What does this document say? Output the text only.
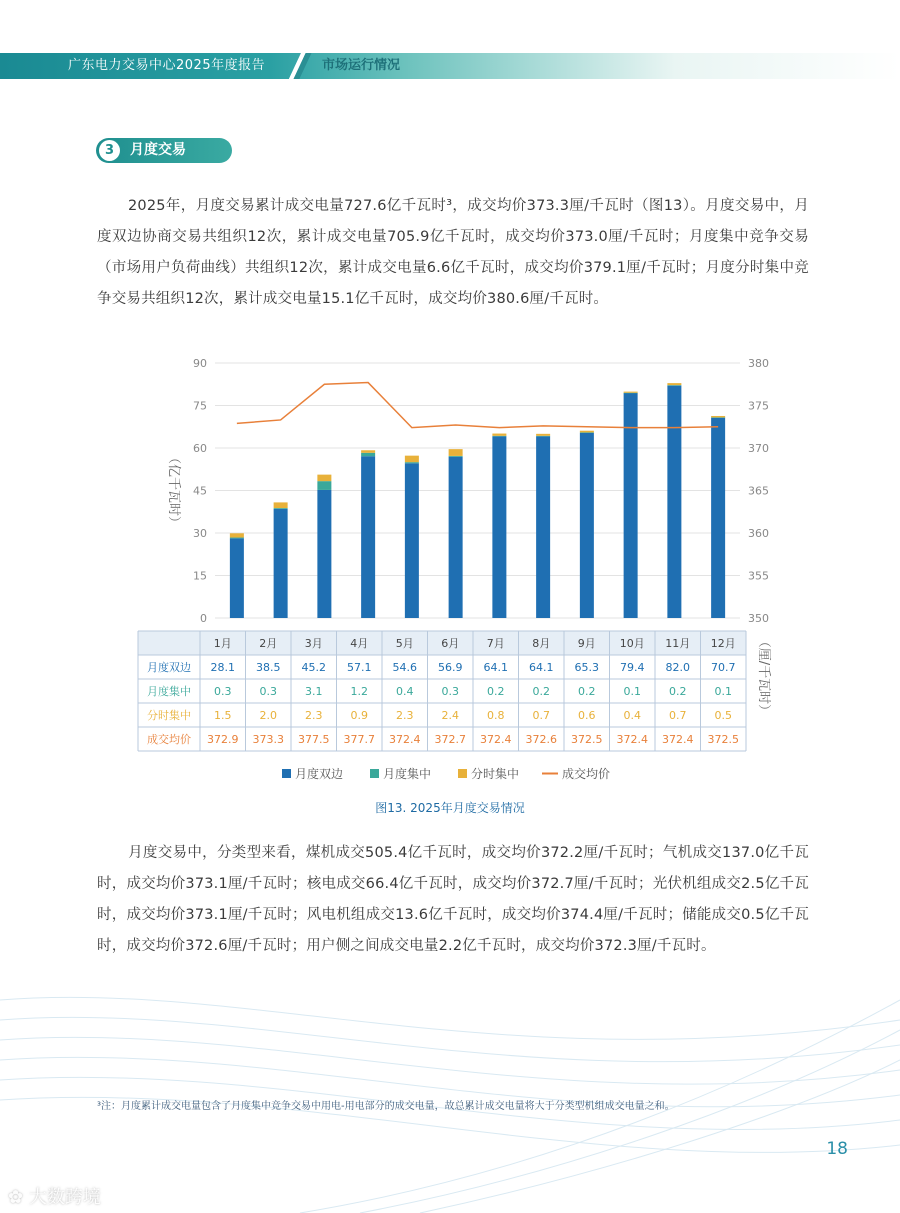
广东电力交易中心2025年度报告	市场运行情况
3	月度交易
2025年，月度交易累计成交电量727.6亿千瓦时³，成交均价373.3厘/千瓦时（图13）。月度交易中，月度双边协商交易共组织12次，累计成交电量705.9亿千瓦时，成交均价373.0厘/千瓦时；月度集中竞争交易（市场用户负荷曲线）共组织12次，累计成交电量6.6亿千瓦时，成交均价379.1厘/千瓦时；月度分时集中竞争交易共组织12次，累计成交电量15.1亿千瓦时，成交均价380.6厘/千瓦时。
0
15
30
45
60
75
90
350
355
360
365
370
375
380
（亿千瓦时）
（厘/千瓦时）
1月	2月	3月	4月	5月	6月	7月	8月	9月 10月 11月 12月
月度双边 28.1 38.5 45.2 57.1 54.6 56.9 64.1 64.1 65.3 79.4 82.0 70.7
月度集中 0.3	0.3	3.1	1.2	0.4	0.3	0.2	0.2	0.2	0.1	0.2	0.1
分时集中 1.5	2.0	2.3	0.9	2.3	2.4	0.8	0.7	0.6	0.4	0.7	0.5
成交均价 372.9 373.3 377.5 377.7 372.4 372.7 372.4 372.6 372.5 372.4 372.4 372.5
月度双边	月度集中	分时集中	成交均价
图13. 2025年月度交易情况
月度交易中，分类型来看，煤机成交505.4亿千瓦时，成交均价372.2厘/千瓦时；气机成交137.0亿千瓦时，成交均价373.1厘/千瓦时；核电成交66.4亿千瓦时，成交均价372.7厘/千瓦时；光伏机组成交2.5亿千瓦时，成交均价373.1厘/千瓦时；风电机组成交13.6亿千瓦时，成交均价374.4厘/千瓦时；储能成交0.5亿千瓦时，成交均价372.6厘/千瓦时；用户侧之间成交电量2.2亿千瓦时，成交均价372.3厘/千瓦时。
³注：月度累计成交电量包含了月度集中竞争交易中用电-用电部分的成交电量，故总累计成交电量将大于分类型机组成交电量之和。
18
✿ 大数跨境
